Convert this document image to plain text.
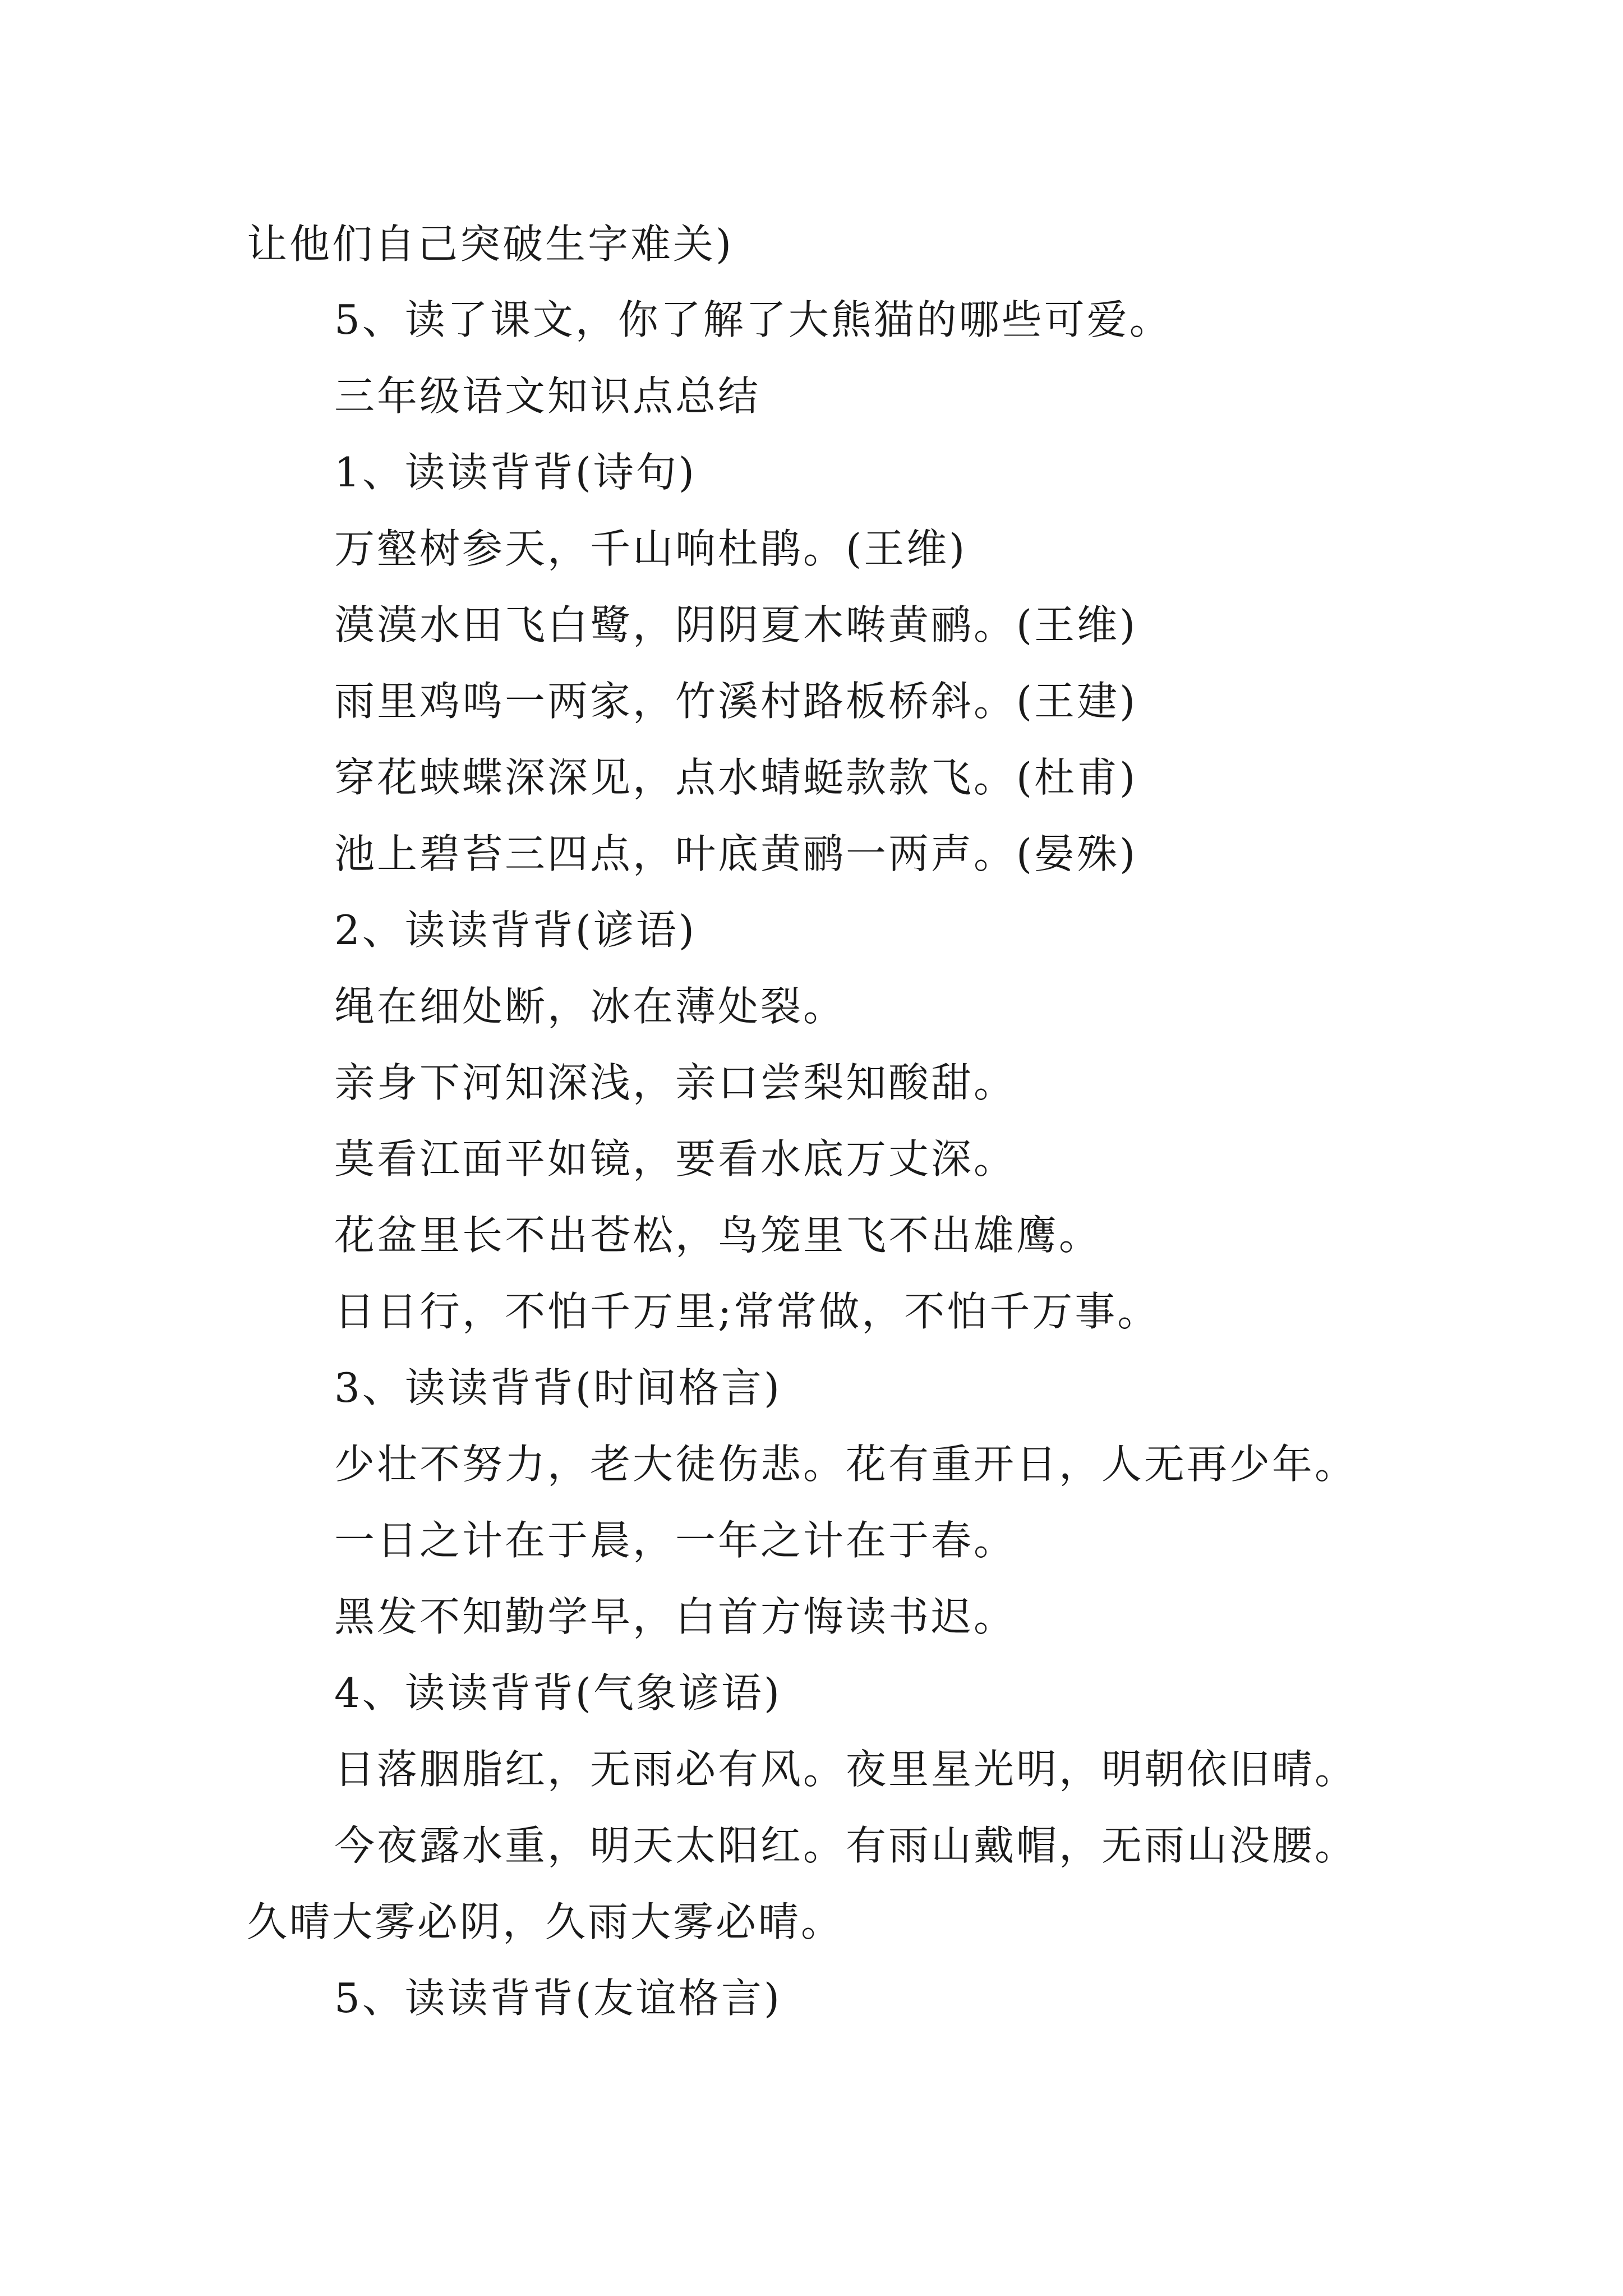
让他们自己突破生字难关)
5、读了课文，你了解了大熊猫的哪些可爱。
三年级语文知识点总结
1、读读背背(诗句)
万壑树参天，千山响杜鹃。(王维)
漠漠水田飞白鹭，阴阴夏木啭黄鹂。(王维)
雨里鸡鸣一两家，竹溪村路板桥斜。(王建)
穿花蛱蝶深深见，点水蜻蜓款款飞。(杜甫)
池上碧苔三四点，叶底黄鹂一两声。(晏殊)
2、读读背背(谚语)
绳在细处断，冰在薄处裂。
亲身下河知深浅，亲口尝梨知酸甜。
莫看江面平如镜，要看水底万丈深。
花盆里长不出苍松，鸟笼里飞不出雄鹰。
日日行，不怕千万里;常常做，不怕千万事。
3、读读背背(时间格言)
少壮不努力，老大徒伤悲。花有重开日，人无再少年。
一日之计在于晨，一年之计在于春。
黑发不知勤学早，白首方悔读书迟。
4、读读背背(气象谚语)
日落胭脂红，无雨必有风。夜里星光明，明朝依旧晴。
今夜露水重，明天太阳红。有雨山戴帽，无雨山没腰。
久晴大雾必阴，久雨大雾必晴。
5、读读背背(友谊格言)
